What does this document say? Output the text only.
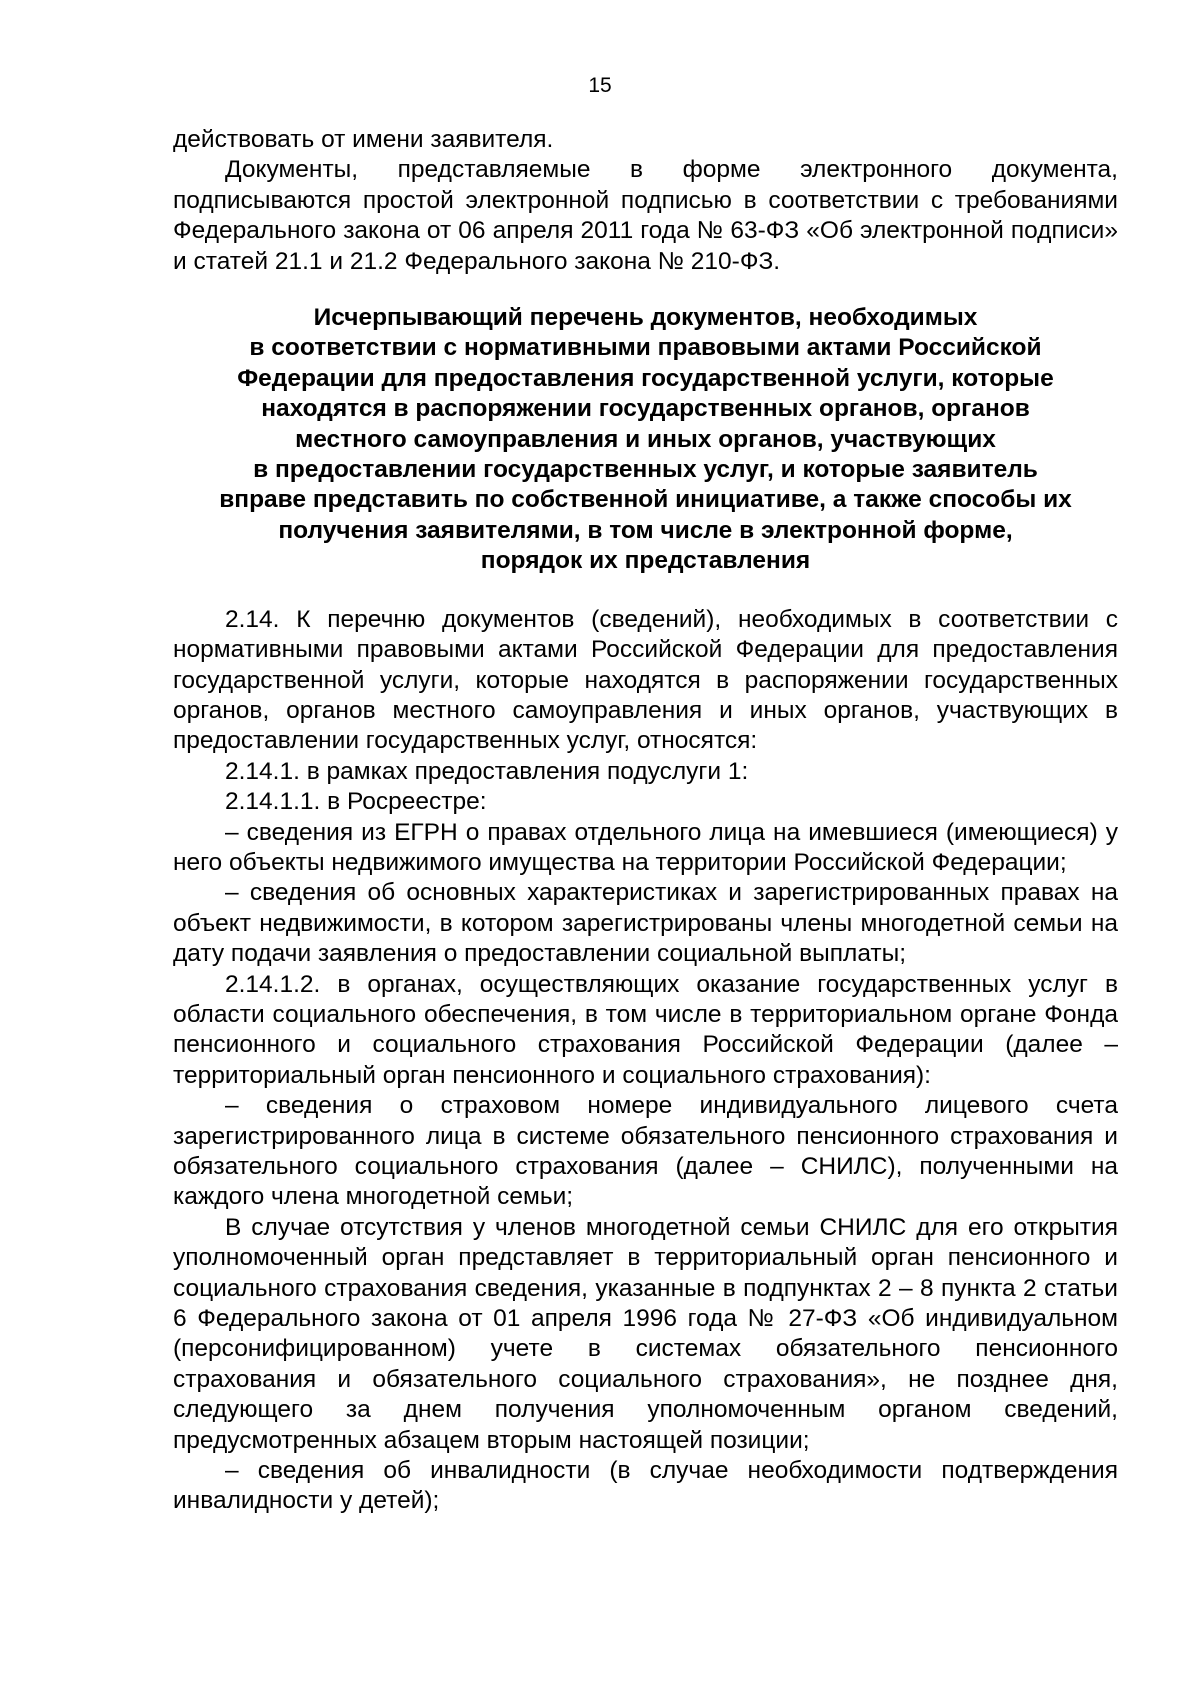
15

действовать от имени заявителя.

Документы, представляемые в форме электронного документа, подписываются простой электронной подписью в соответствии с требованиями Федерального закона от 06 апреля 2011 года № 63-ФЗ «Об электронной подписи» и статей 21.1 и 21.2 Федерального закона № 210-ФЗ.

Исчерпывающий перечень документов, необходимых
в соответствии с нормативными правовыми актами Российской
Федерации для предоставления государственной услуги, которые
находятся в распоряжении государственных органов, органов
местного самоуправления и иных органов, участвующих
в предоставлении государственных услуг, и которые заявитель
вправе представить по собственной инициативе, а также способы их
получения заявителями, в том числе в электронной форме,
порядок их представления

2.14. К перечню документов (сведений), необходимых в соответствии с нормативными правовыми актами Российской Федерации для предоставления государственной услуги, которые находятся в распоряжении государственных органов, органов местного самоуправления и иных органов, участвующих в предоставлении государственных услуг, относятся:

2.14.1. в рамках предоставления подуслуги 1:

2.14.1.1. в Росреестре:

– сведения из ЕГРН о правах отдельного лица на имевшиеся (имеющиеся) у него объекты недвижимого имущества на территории Российской Федерации;

– сведения об основных характеристиках и зарегистрированных правах на объект недвижимости, в котором зарегистрированы члены многодетной семьи на дату подачи заявления о предоставлении социальной выплаты;

2.14.1.2. в органах, осуществляющих оказание государственных услуг в области социального обеспечения, в том числе в территориальном органе Фонда пенсионного и социального страхования Российской Федерации (далее – территориальный орган пенсионного и социального страхования):

– сведения о страховом номере индивидуального лицевого счета зарегистрированного лица в системе обязательного пенсионного страхования и обязательного социального страхования (далее – СНИЛС), полученными на каждого члена многодетной семьи;

В случае отсутствия у членов многодетной семьи СНИЛС для его открытия уполномоченный орган представляет в территориальный орган пенсионного и социального страхования сведения, указанные в подпунктах 2 – 8 пункта 2 статьи 6 Федерального закона от 01 апреля 1996 года № 27-ФЗ «Об индивидуальном (персонифицированном) учете в системах обязательного пенсионного страхования и обязательного социального страхования», не позднее дня, следующего за днем получения уполномоченным органом сведений, предусмотренных абзацем вторым настоящей позиции;

– сведения об инвалидности (в случае необходимости подтверждения инвалидности у детей);
